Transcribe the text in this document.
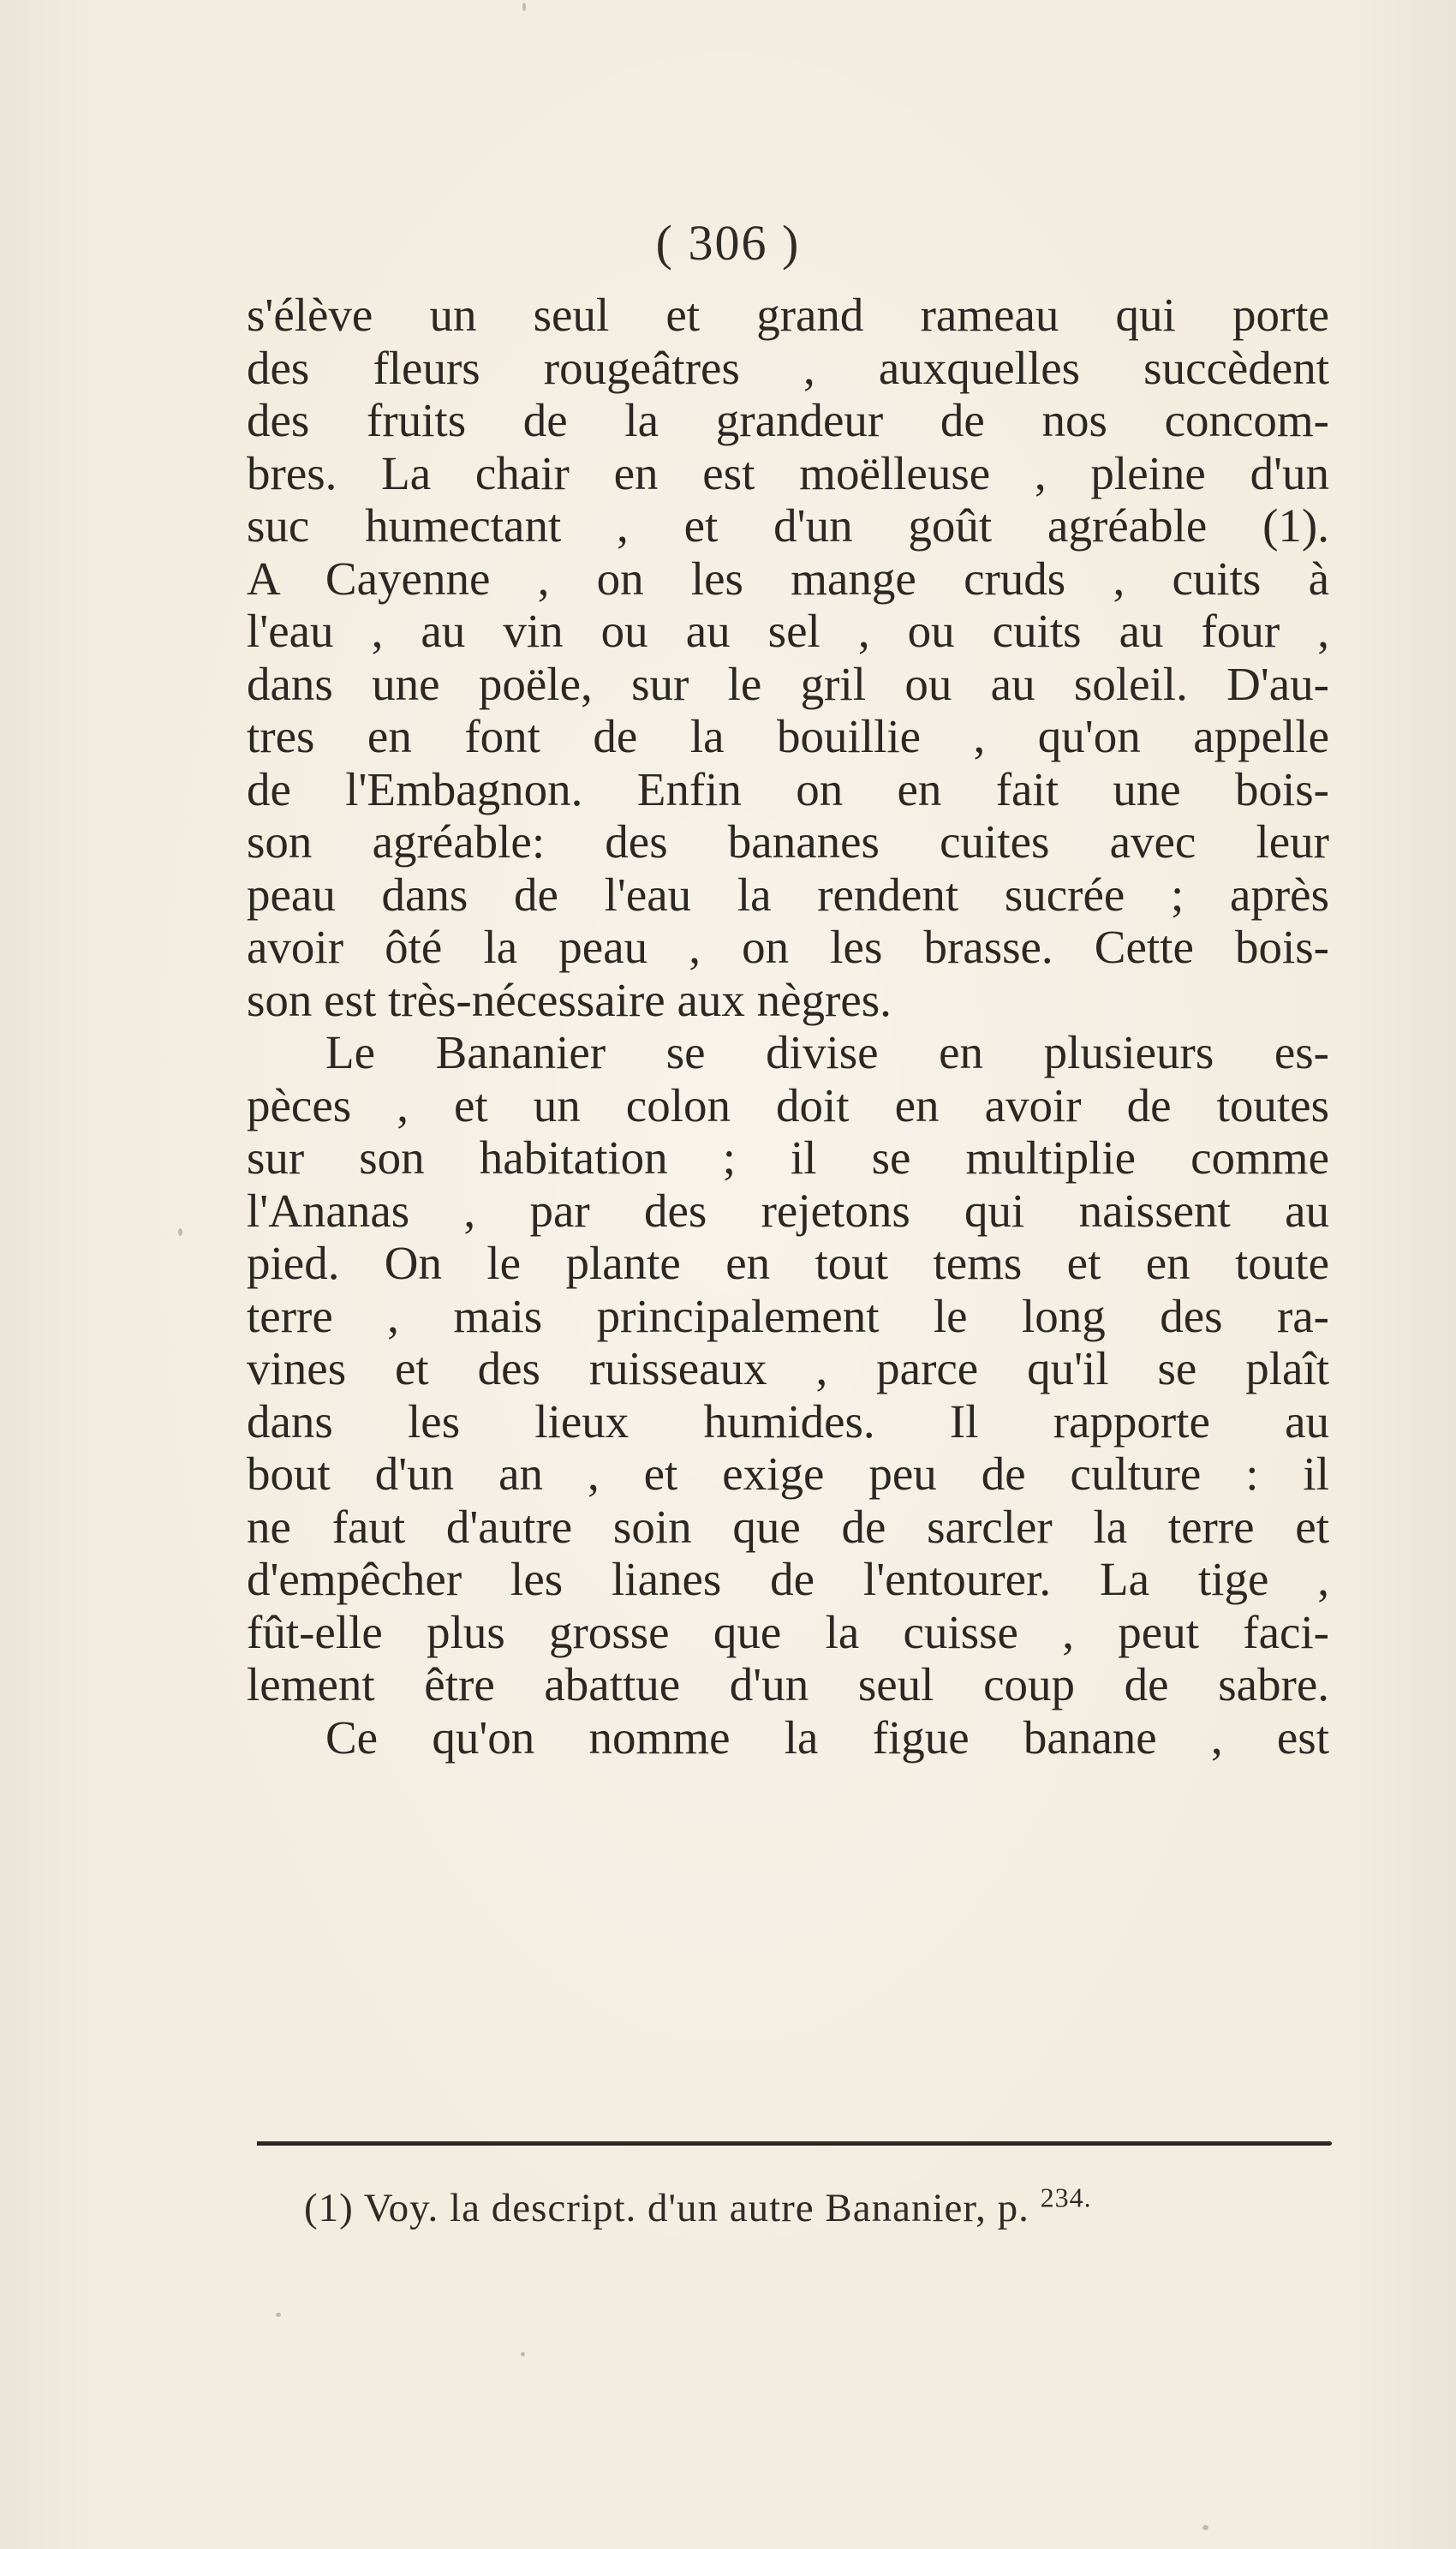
( 306 )
s'élève un seul et grand rameau qui porte
des fleurs rougeâtres , auxquelles succèdent
des fruits de la grandeur de nos concom-
bres. La chair en est moëlleuse , pleine d'un
suc humectant , et d'un goût agréable (1).
A Cayenne , on les mange cruds , cuits à
l'eau , au vin ou au sel , ou cuits au four ,
dans une poële, sur le gril ou au soleil. D'au-
tres en font de la bouillie , qu'on appelle
de l'Embagnon. Enfin on en fait une bois-
son agréable: des bananes cuites avec leur
peau dans de l'eau la rendent sucrée ; après
avoir ôté la peau , on les brasse. Cette bois-
son est très-nécessaire aux nègres.
Le Bananier se divise en plusieurs es-
pèces , et un colon doit en avoir de toutes
sur son habitation ; il se multiplie comme
l'Ananas , par des rejetons qui naissent au
pied. On le plante en tout tems et en toute
terre , mais principalement le long des ra-
vines et des ruisseaux , parce qu'il se plaît
dans les lieux humides. Il rapporte au
bout d'un an , et exige peu de culture : il
ne faut d'autre soin que de sarcler la terre et
d'empêcher les lianes de l'entourer. La tige ,
fût-elle plus grosse que la cuisse , peut faci-
lement être abattue d'un seul coup de sabre.
Ce qu'on nomme la figue banane , est
(1) Voy. la descript. d'un autre Bananier, p. $^{234.}$
